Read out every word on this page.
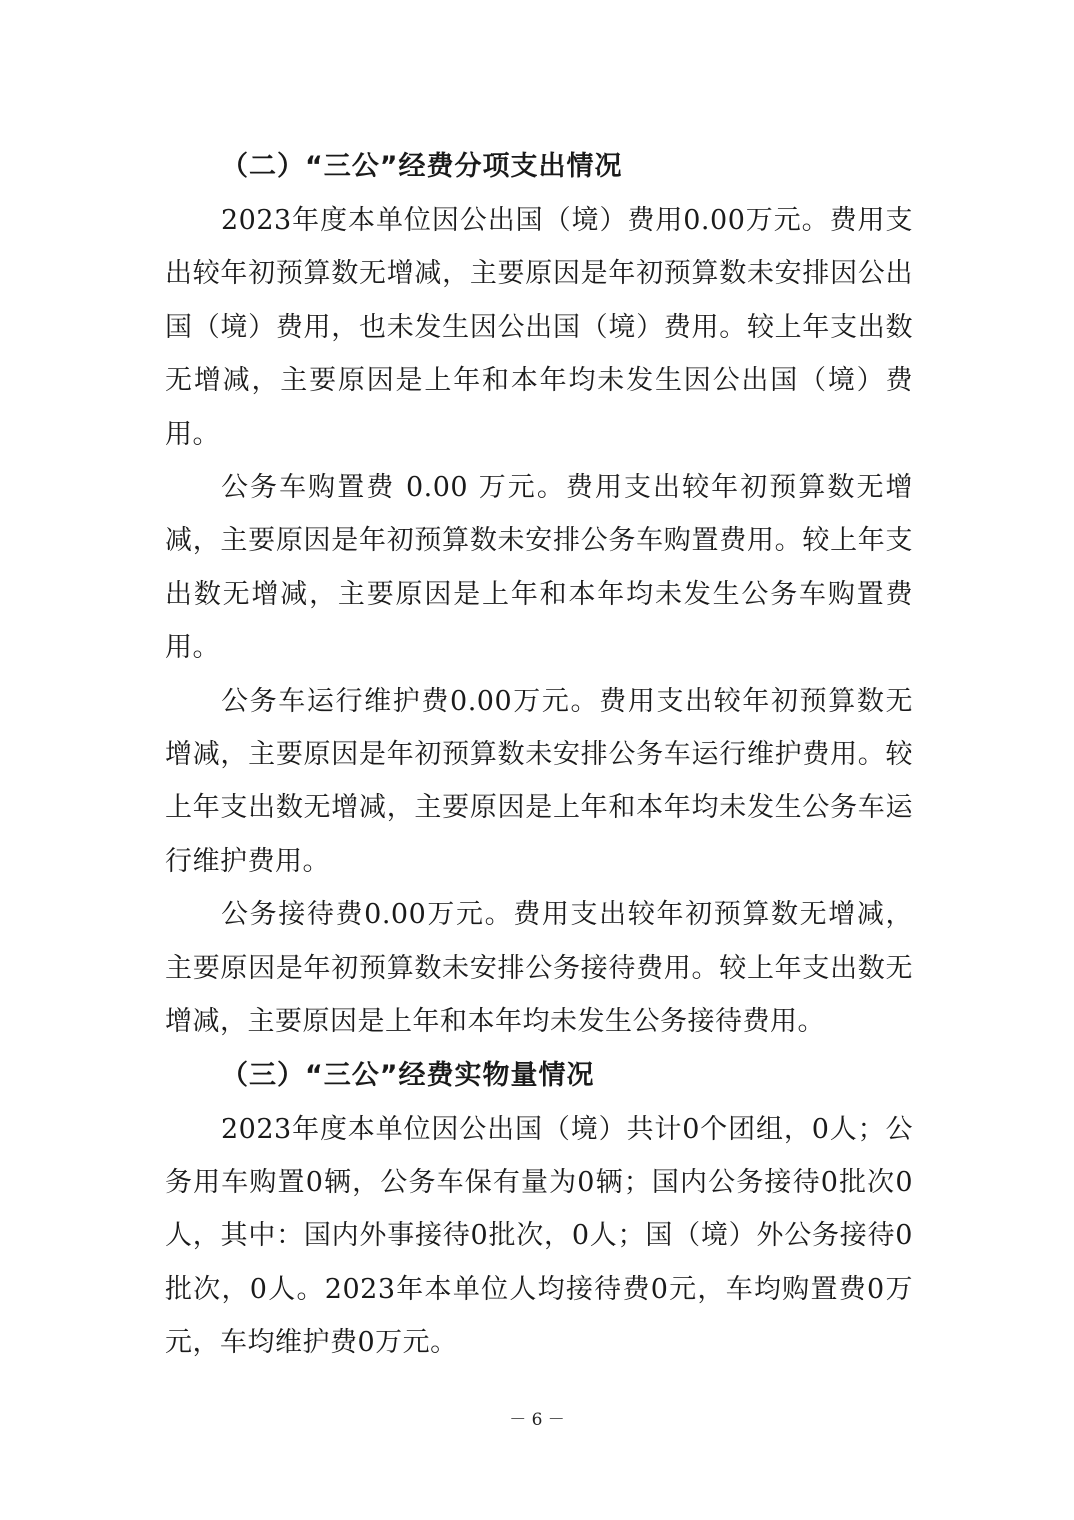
（二）“三公”经费分项支出情况

2023年度本单位因公出国（境）费用0.00万元。费用支出较年初预算数无增减，主要原因是年初预算数未安排因公出国（境）费用，也未发生因公出国（境）费用。较上年支出数无增减，主要原因是上年和本年均未发生因公出国（境）费用。

公务车购置费 0.00 万元。费用支出较年初预算数无增减，主要原因是年初预算数未安排公务车购置费用。较上年支出数无增减，主要原因是上年和本年均未发生公务车购置费用。

公务车运行维护费0.00万元。费用支出较年初预算数无增减，主要原因是年初预算数未安排公务车运行维护费用。较上年支出数无增减，主要原因是上年和本年均未发生公务车运行维护费用。

公务接待费0.00万元。费用支出较年初预算数无增减，主要原因是年初预算数未安排公务接待费用。较上年支出数无增减，主要原因是上年和本年均未发生公务接待费用。

（三）“三公”经费实物量情况

2023年度本单位因公出国（境）共计0个团组，0人；公务用车购置0辆，公务车保有量为0辆；国内公务接待0批次0人，其中：国内外事接待0批次，0人；国（境）外公务接待0批次，0人。2023年本单位人均接待费0元，车均购置费0万元，车均维护费0万元。

－ 6 －
